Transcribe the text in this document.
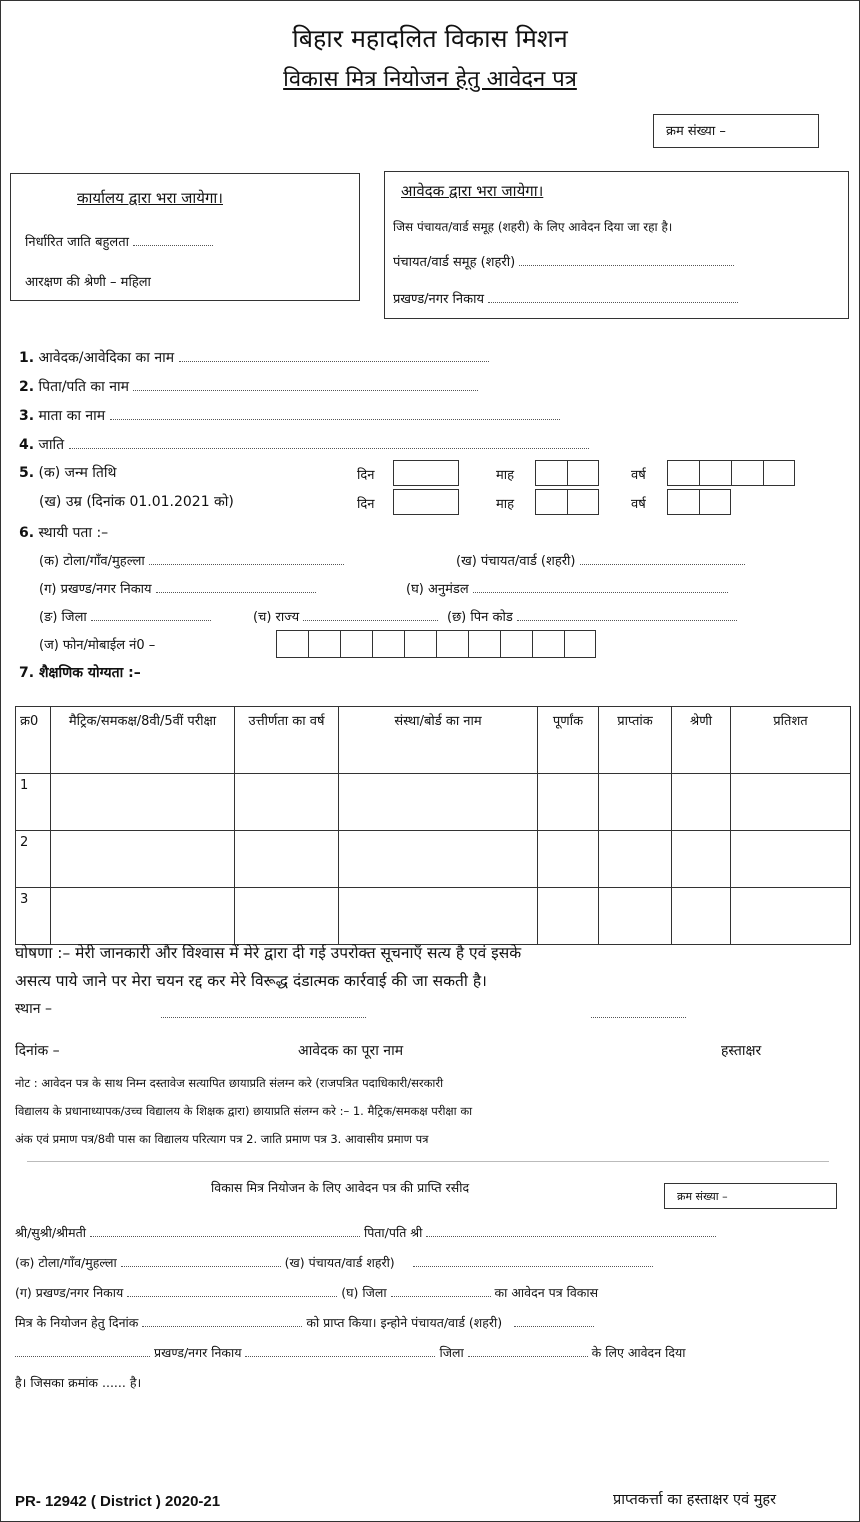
बिहार महादलित विकास मिशन
विकास मित्र नियोजन हेतु आवेदन पत्र
क्रम संख्या –
कार्यालय द्वारा भरा जायेगा।
निर्धारित जाति बहुलता
आरक्षण की श्रेणी – महिला
आवेदक द्वारा भरा जायेगा।
जिस पंचायत/वार्ड समूह (शहरी) के लिए आवेदन दिया जा रहा है।
पंचायत/वार्ड समूह (शहरी)
प्रखण्ड/नगर निकाय
1. आवेदक/आवेदिका का नाम
2. पिता/पति का नाम
3. माता का नाम
4. जाति
5. (क) जन्म तिथि
(ख) उम्र (दिनांक 01.01.2021 को)
दिन	माह	वर्ष
दिन	माह	वर्ष
6. स्थायी पता :–
(क) टोला/गाँव/मुहल्ला	(ख) पंचायत/वार्ड (शहरी)
(ग) प्रखण्ड/नगर निकाय	(घ) अनुमंडल
(ङ) जिला	(च) राज्य	(छ) पिन कोड
(ज) फोन/मोबाईल नं0 –
7. शैक्षणिक योग्यता :–
क्र0	मैट्रिक/समकक्ष/8वी/5वीं परीक्षा	उत्तीर्णता का वर्ष	संस्था/बोर्ड का नाम	पूर्णांक	प्राप्तांक	श्रेणी	प्रतिशत
1							
2							
3							
घोषणा :– मेरी जानकारी और विश्वास में मेरे द्वारा दी गई उपरोक्त सूचनाएँ सत्य है एवं इसके
असत्य पाये जाने पर मेरा चयन रद्द कर मेरे विरूद्ध दंडात्मक कार्रवाई की जा सकती है।
स्थान –
दिनांक –	आवेदक का पूरा नाम	हस्ताक्षर
नोट : आवेदन पत्र के साथ निम्न दस्तावेज सत्यापित छायाप्रति संलग्न करे (राजपत्रित पदाधिकारी/सरकारी
विद्यालय के प्रधानाध्यापक/उच्च विद्यालय के शिक्षक द्वारा) छायाप्रति संलग्न करे :– 1. मैट्रिक/समकक्ष परीक्षा का
अंक एवं प्रमाण पत्र/8वी पास का विद्यालय परित्याग पत्र 2. जाति प्रमाण पत्र 3. आवासीय प्रमाण पत्र
विकास मित्र नियोजन के लिए आवेदन पत्र की प्राप्ति रसीद
क्रम संख्या –
श्री/सुश्री/श्रीमती	पिता/पति श्री
(क) टोला/गाँव/मुहल्ला	(ख) पंचायत/वार्ड शहरी)
(ग) प्रखण्ड/नगर निकाय	(घ) जिला	का आवेदन पत्र विकास
मित्र के नियोजन हेतु दिनांक	को प्राप्त किया। इन्होने पंचायत/वार्ड (शहरी)
प्रखण्ड/नगर निकाय	जिला	के लिए आवेदन दिया
है। जिसका क्रमांक ...... है।
PR- 12942 ( District ) 2020-21	प्राप्तकर्त्ता का हस्ताक्षर एवं मुहर
